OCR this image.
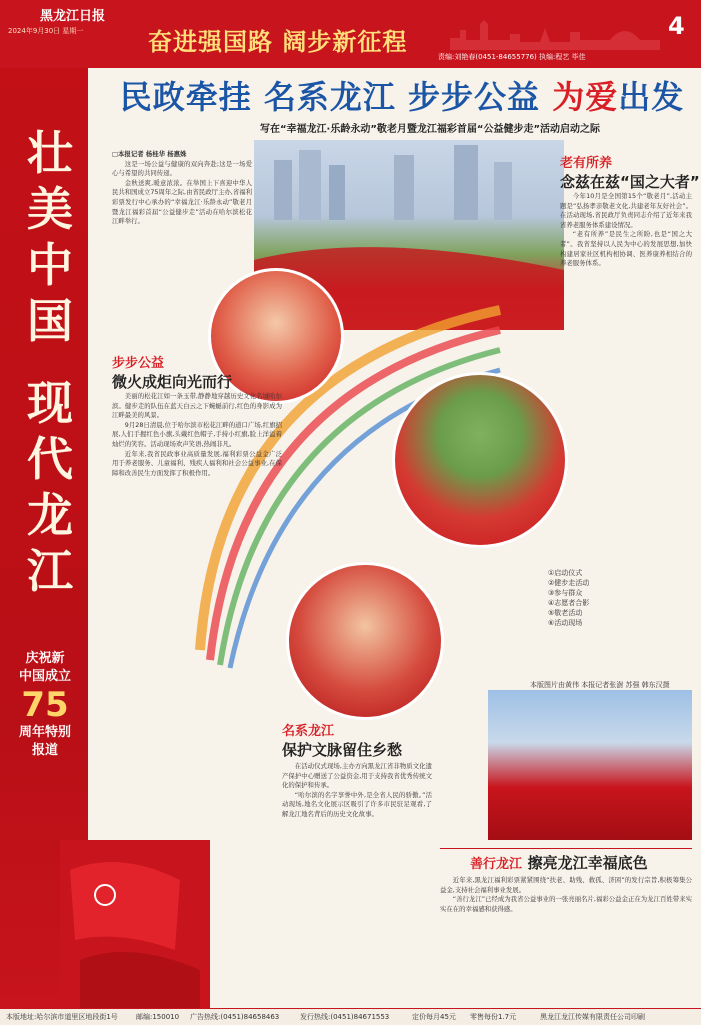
黑龙江日报
2024年9月30日 星期一	奋进强国路 阔步新征程
4
责编:刘艳春(0451-84655776) 执编:程艺 毕佳
壮
美
中
国
现
代
龙
江
庆祝新
中国成立
75
周年特别
报道
民政牵挂 名系龙江 步步公益 为爱出发
写在“幸福龙江·乐龄永动”敬老月暨龙江福彩首届“公益健步走”活动启动之际

□本报记者 杨桂华 杨惠姝

这是一场公益与健康的双向奔赴;这是一场爱心与希望的共同传递。

金秋送爽,暖意浓浓。在举国上下喜迎中华人民共和国成立75周年之际,由省民政厅主办,省福利彩票发行中心承办的“幸福龙江·乐龄永动”敬老月暨龙江福彩首届“公益健步走”活动在哈尔滨松花江畔举行。

步步公益
微火成炬向光而行

美丽的松花江如一条玉带,静静地穿越历史文化名城哈尔滨。健步走的队伍在蓝天白云之下蜿蜒前行,红色的身影成为江畔最美的风景。

9月28日清晨,位于哈尔滨市松花江畔的道口广场,红旗招展,人们手握红色小旗,头戴红色帽子,手持小红旗,脸上洋溢着灿烂的笑容。活动现场欢声笑语,热闹非凡。

近年来,我省民政事业高质量发展,福利彩票公益金广泛用于养老服务、儿童福利、残疾人福利和社会公益事业,在保障和改善民生方面发挥了积极作用。

老有所养
念兹在兹“国之大者”

今年10月是全国第15个“敬老月”,活动主题是“弘扬孝亲敬老文化,共建老年友好社会”。在活动现场,省民政厅负责同志介绍了近年来我省养老服务体系建设情况。

“老有所养”是民生之所盼,也是“国之大者”。我省坚持以人民为中心的发展思想,加快构建居家社区机构相协调、医养康养相结合的养老服务体系。

①启动仪式
②健步走活动
③参与群众
④志愿者合影
⑤敬老活动
⑥活动现场
本版图片由黄伟 本报记者张澍 苏强 韩东汉摄
名系龙江
保护文脉留住乡愁

在活动仪式现场,主办方向黑龙江省非物质文化遗产保护中心赠送了公益资金,用于支持我省优秀传统文化的保护和传承。

“哈尔滨的名字享誉中外,是全省人民的骄傲。”活动现场,地名文化展示区吸引了许多市民驻足观看,了解龙江地名背后的历史文化故事。

善行龙江 擦亮龙江幸福底色

近年来,黑龙江福利彩票紧紧围绕“扶老、助残、救孤、济困”的发行宗旨,积极筹集公益金,支持社会福利事业发展。

“善行龙江”已经成为我省公益事业的一张亮丽名片,福彩公益金正在为龙江百姓带来实实在在的幸福感和获得感。

本版地址:哈尔滨市道里区地段街1号	邮编:150010 广告热线:(0451)84658463	发行热线:(0451)84671553	定价每月45元 零售每份1.7元	黑龙江龙江传媒有限责任公司印刷
